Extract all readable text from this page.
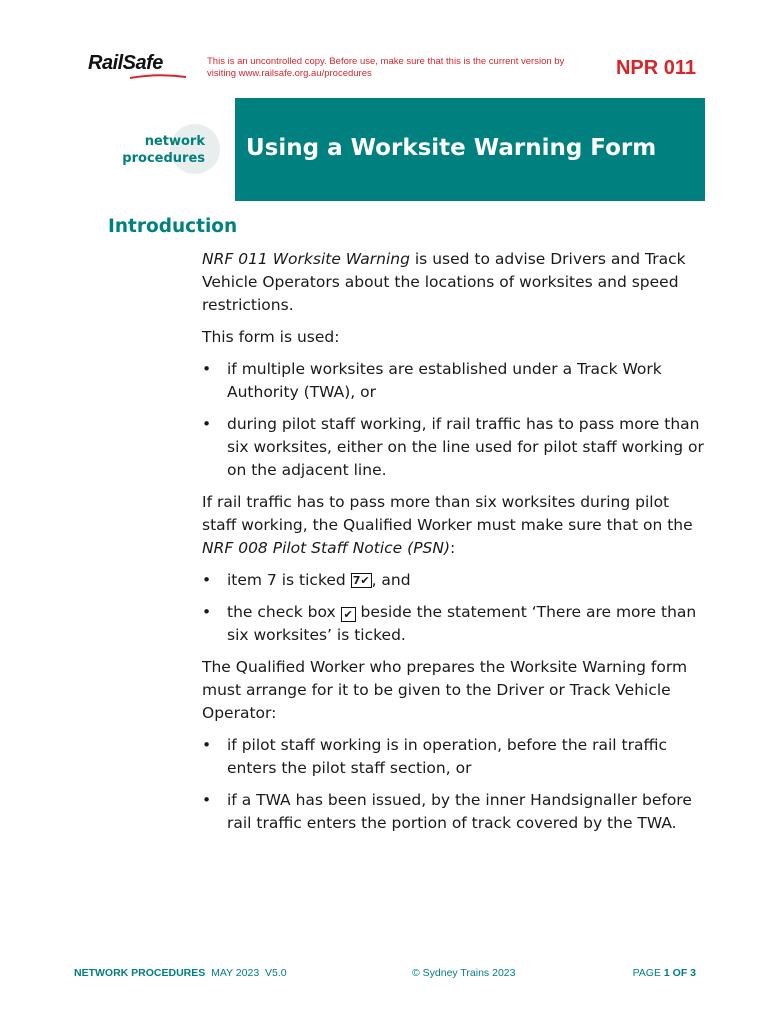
RailSafe	This is an uncontrolled copy. Before use, make sure that this is the current version by visiting www.railsafe.org.au/procedures	NPR 011
network
procedures Using a Worksite Warning Form
Introduction

NRF 011 Worksite Warning is used to advise Drivers and Track Vehicle Operators about the locations of worksites and speed restrictions.

This form is used:

• if multiple worksites are established under a Track Work Authority (TWA), or
• during pilot staff working, if rail traffic has to pass more than six worksites, either on the line used for pilot staff working or on the adjacent line.

If rail traffic has to pass more than six worksites during pilot staff working, the Qualified Worker must make sure that on the NRF 008 Pilot Staff Notice (PSN):

• item 7 is ticked 7✔ , and
• the check box ✔ beside the statement ‘There are more than six worksites’ is ticked.

The Qualified Worker who prepares the Worksite Warning form must arrange for it to be given to the Driver or Track Vehicle Operator:

• if pilot staff working is in operation, before the rail traffic enters the pilot staff section, or
• if a TWA has been issued, by the inner Handsignaller before rail traffic enters the portion of track covered by the TWA.
NETWORK PROCEDURES  MAY 2023  V5.0	© Sydney Trains 2023	PAGE 1 OF 3
